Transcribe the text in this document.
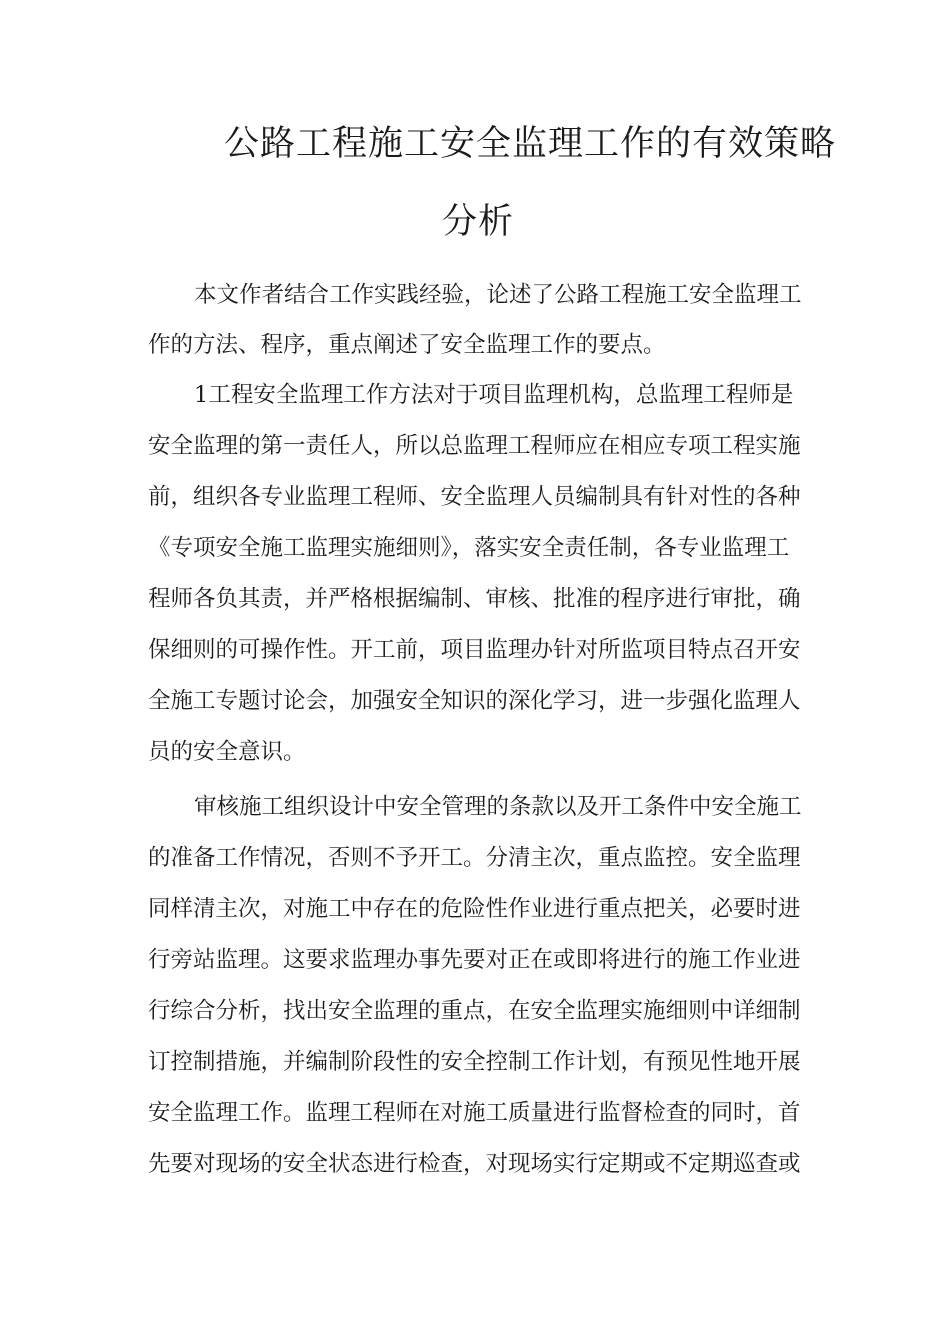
公路工程施工安全监理工作的有效策略
分析
本文作者结合工作实践经验，论述了公路工程施工安全监理工
作的方法、程序，重点阐述了安全监理工作的要点。
1工程安全监理工作方法对于项目监理机构，总监理工程师是
安全监理的第一责任人，所以总监理工程师应在相应专项工程实施
前，组织各专业监理工程师、安全监理人员编制具有针对性的各种
《专项安全施工监理实施细则》，落实安全责任制，各专业监理工
程师各负其责，并严格根据编制、审核、批准的程序进行审批，确
保细则的可操作性。开工前，项目监理办针对所监项目特点召开安
全施工专题讨论会，加强安全知识的深化学习，进一步强化监理人
员的安全意识。
审核施工组织设计中安全管理的条款以及开工条件中安全施工
的准备工作情况，否则不予开工。分清主次，重点监控。安全监理
同样清主次，对施工中存在的危险性作业进行重点把关，必要时进
行旁站监理。这要求监理办事先要对正在或即将进行的施工作业进
行综合分析，找出安全监理的重点，在安全监理实施细则中详细制
订控制措施，并编制阶段性的安全控制工作计划，有预见性地开展
安全监理工作。监理工程师在对施工质量进行监督检查的同时，首
先要对现场的安全状态进行检查，对现场实行定期或不定期巡查或
